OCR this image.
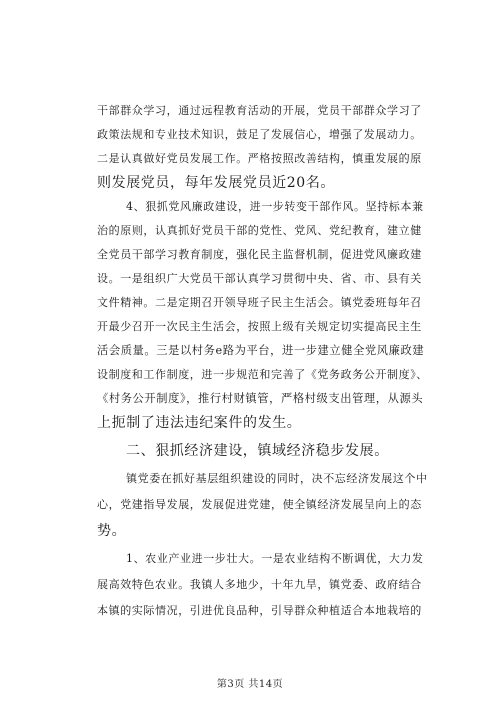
干部群众学习，通过远程教育活动的开展，党员干部群众学习了
政策法规和专业技术知识，鼓足了发展信心，增强了发展动力。
二是认真做好党员发展工作。严格按照改善结构，慎重发展的原
则发展党员，每年发展党员近20名。
4、狠抓党风廉政建设，进一步转变干部作风。坚持标本兼
治的原则，认真抓好党员干部的党性、党风、党纪教育，建立健
全党员干部学习教育制度，强化民主监督机制，促进党风廉政建
设。一是组织广大党员干部认真学习贯彻中央、省、市、县有关
文件精神。二是定期召开领导班子民主生活会。镇党委班每年召
开最少召开一次民主生活会，按照上级有关规定切实提高民主生
活会质量。三是以村务e路为平台，进一步建立健全党风廉政建
设制度和工作制度，进一步规范和完善了《党务政务公开制度》、
《村务公开制度》，推行村财镇管，严格村级支出管理，从源头
上扼制了违法违纪案件的发生。
二、狠抓经济建设，镇域经济稳步发展。
镇党委在抓好基层组织建设的同时，决不忘经济发展这个中
心，党建指导发展，发展促进党建，使全镇经济发展呈向上的态
势。
1、农业产业进一步壮大。一是农业结构不断调优，大力发
展高效特色农业。我镇人多地少，十年九旱，镇党委、政府结合
本镇的实际情况，引进优良品种，引导群众种植适合本地栽培的
第3页 共14页
